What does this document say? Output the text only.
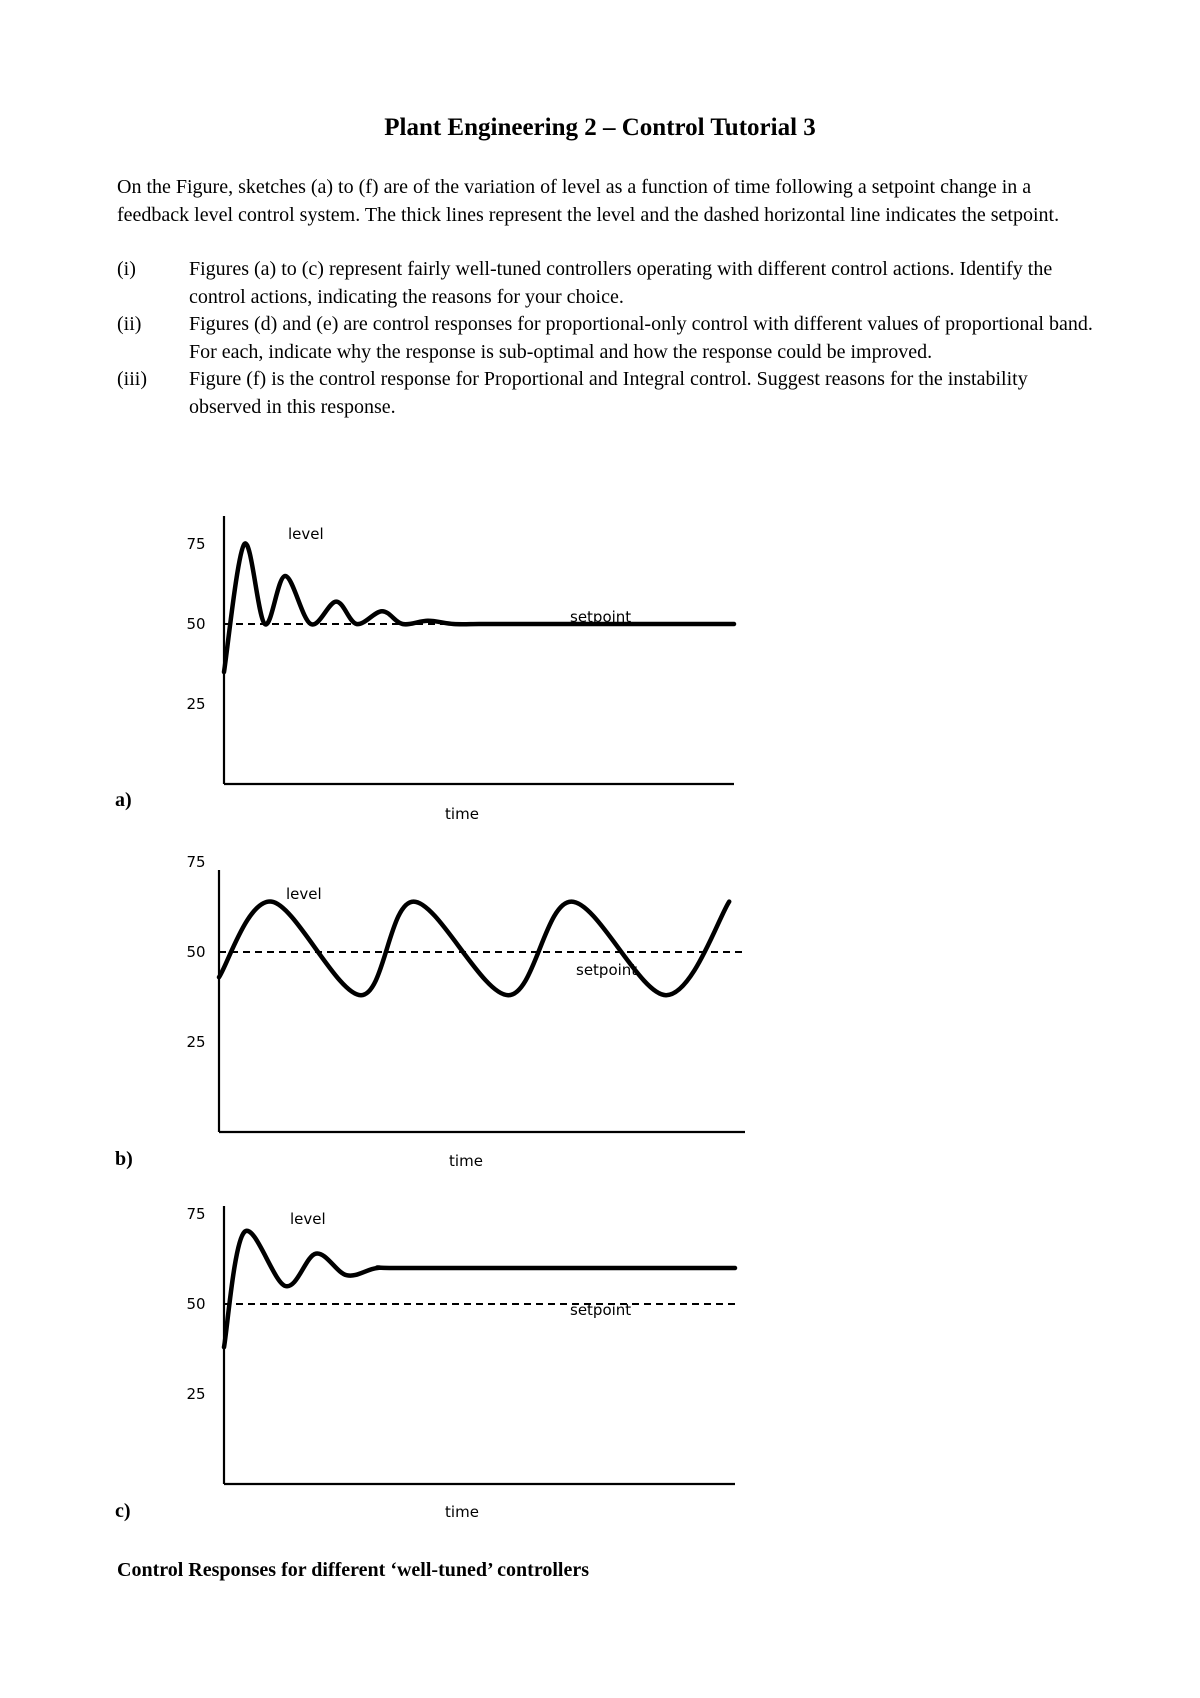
Plant Engineering 2 – Control Tutorial 3

On the Figure, sketches (a) to (f) are of the variation of level as a function of time following a setpoint change in a feedback level control system. The thick lines represent the level and the dashed horizontal line indicates the setpoint.

(i)	Figures (a) to (c) represent fairly well-tuned controllers operating with different control actions. Identify the control actions, indicating the reasons for your choice.
(ii)	Figures (d) and (e) are control responses for proportional-only control with different values of proportional band. For each, indicate why the response is sub-optimal and how the response could be improved.
(iii)	Figure (f) is the control response for Proportional and Integral control. Suggest reasons for the instability observed in this response.
75
50
25
level
setpoint
time
a)
75
50
25
level
setpoint
time
b)
75
50
25
level
setpoint
time
c)

Control Responses for different ‘well-tuned’ controllers
